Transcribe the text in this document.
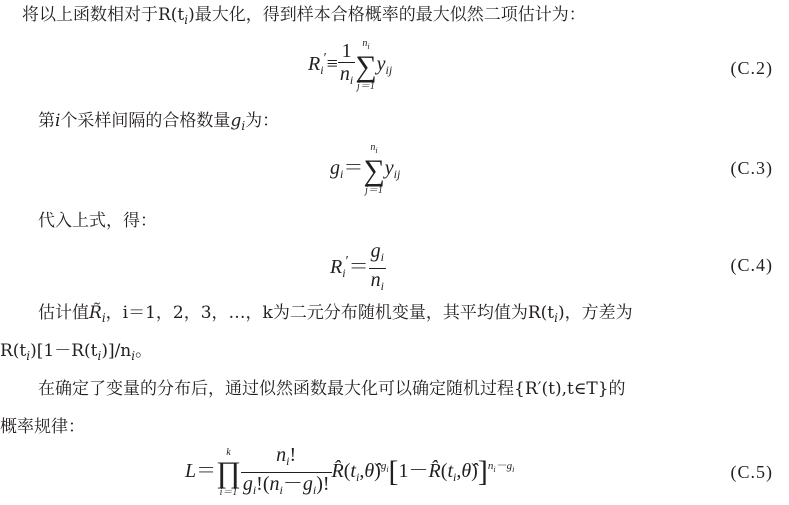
将以上函数相对于$R(t_i)$最大化，得到样本合格概率的最大似然二项估计为：
$R_i'\equiv \frac{1}{n_i} n_i$
∑
j＝1
$y_{ij}$	(C.2)
第i个采样间隔的合格数量$g_i$为：
$g_i=$
$n_i$
∑
j＝1
$y_{ij}$	(C.3)
代入上式，得：
$R_i'= \frac{g_i}{n_i}$	(C.4)
估计值$R̃_i$，i＝1，2，3，…，k为二元分布随机变量，其平均值为$R(t_i)$，方差为
$R(t_i)[1-R(t_i)]/n_i$。
在确定了变量的分布后，通过似然函数最大化可以确定随机过程{R′(t),t∈T}的
概率规律：
L＝
k
∏
$i=1 \frac{n_i!}{g_i!(n_i-g_i)!}$ $R̂(t_i,\thetâ)^{g_i}[1-R̂(t_i,\thetâ)]^{n_i-g_i}$	(C.5)
